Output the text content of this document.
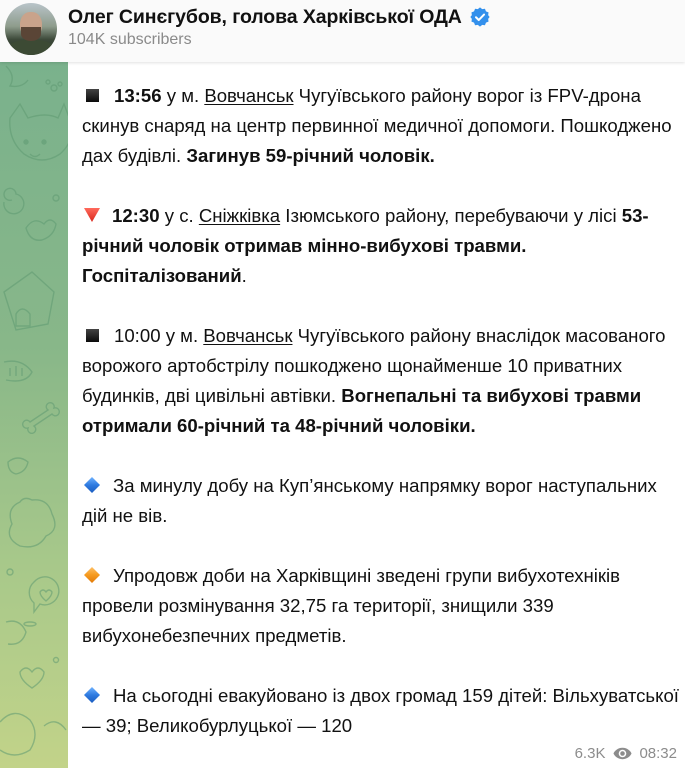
Олег Синєгубов, голова Харківської ОДА
104K subscribers

13:56 у м. Вовчанськ Чугуївського району ворог із FPV-дрона скинув снаряд на центр первинної медичної допомоги. Пошкоджено дах будівлі. Загинув 59-річний чоловік.

12:30 у с. Сніжківка Ізюмського району, перебуваючи у лісі 53-річний чоловік отримав мінно-вибухові травми. Госпіталізований.

10:00 у м. Вовчанськ Чугуївського району внаслідок масованого ворожого артобстрілу пошкоджено щонайменше 10 приватних будинків, дві цивільні автівки. Вогнепальні та вибухові травми отримали 60-річний та 48-річний чоловіки.

За минулу добу на Куп’янському напрямку ворог наступальних дій не вів.

Упродовж доби на Харківщині зведені групи вибухотехніків провели розмінування 32,75 га території, знищили 339 вибухонебезпечних предметів.

На сьогодні евакуйовано із двох громад 159 дітей: Вільхуватської — 39; Великобурлуцької — 120

6.3K 08:32
